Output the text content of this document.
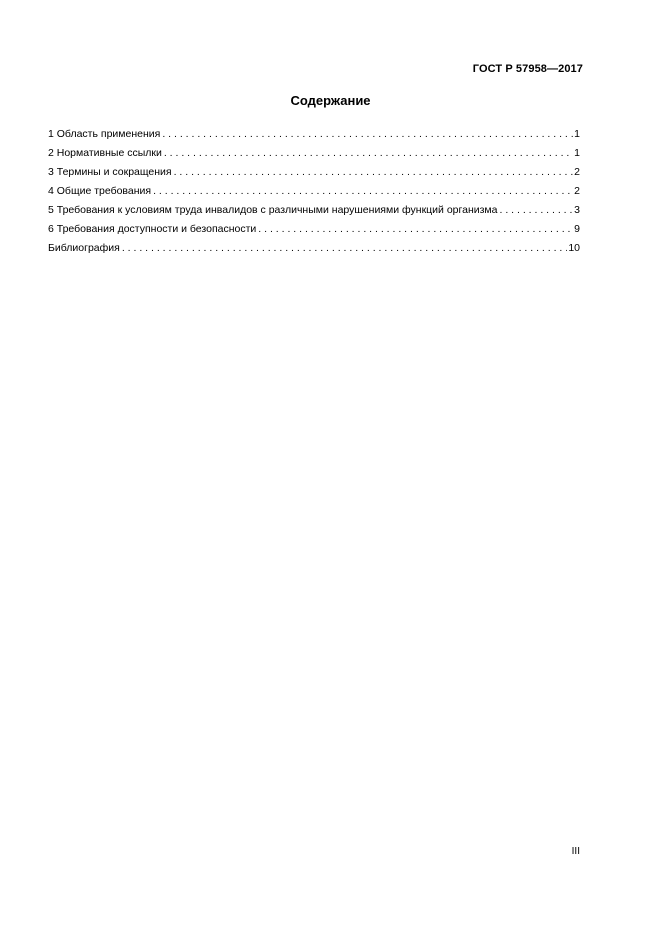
ГОСТ Р 57958—2017
Содержание
1 Область применения . . .	1
2 Нормативные ссылки . . .	1
3 Термины и сокращения . . .	2
4 Общие требования . . .	2
5 Требования к условиям труда инвалидов с различными нарушениями функций организма . . .	3
6 Требования доступности и безопасности . . .	9
Библиография . . .	10
III
